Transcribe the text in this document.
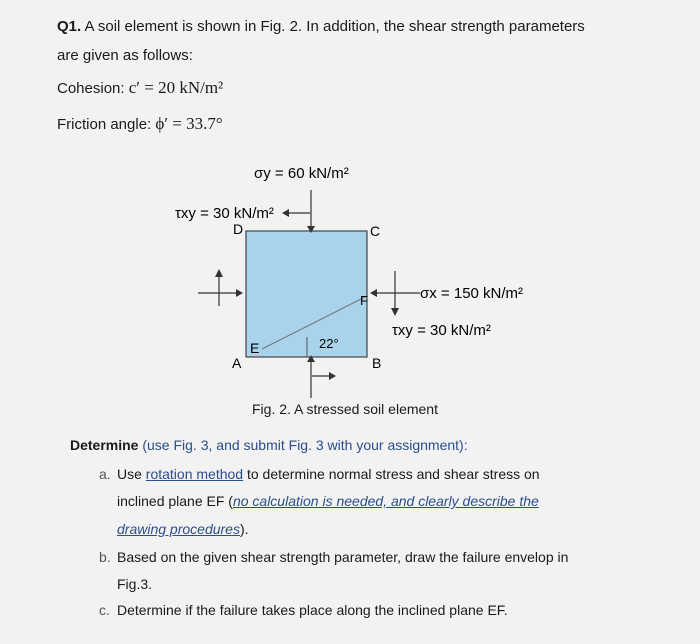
Q1. A soil element is shown in Fig. 2. In addition, the shear strength parameters
are given as follows:
Cohesion: c′ = 20 kN/m²
Friction angle: ϕ′ = 33.7°
σy = 60 kN/m²
τxy = 30 kN/m²
σx = 150 kN/m²
τxy = 30 kN/m²
D	C
A	B
E
F
22°
Fig. 2. A stressed soil element
Determine (use Fig. 3, and submit Fig. 3 with your assignment):
a. Use rotation method to determine normal stress and shear stress on
inclined plane EF (no calculation is needed, and clearly describe the
drawing procedures).
b. Based on the given shear strength parameter, draw the failure envelop in
Fig.3.
c. Determine if the failure takes place along the inclined plane EF.
